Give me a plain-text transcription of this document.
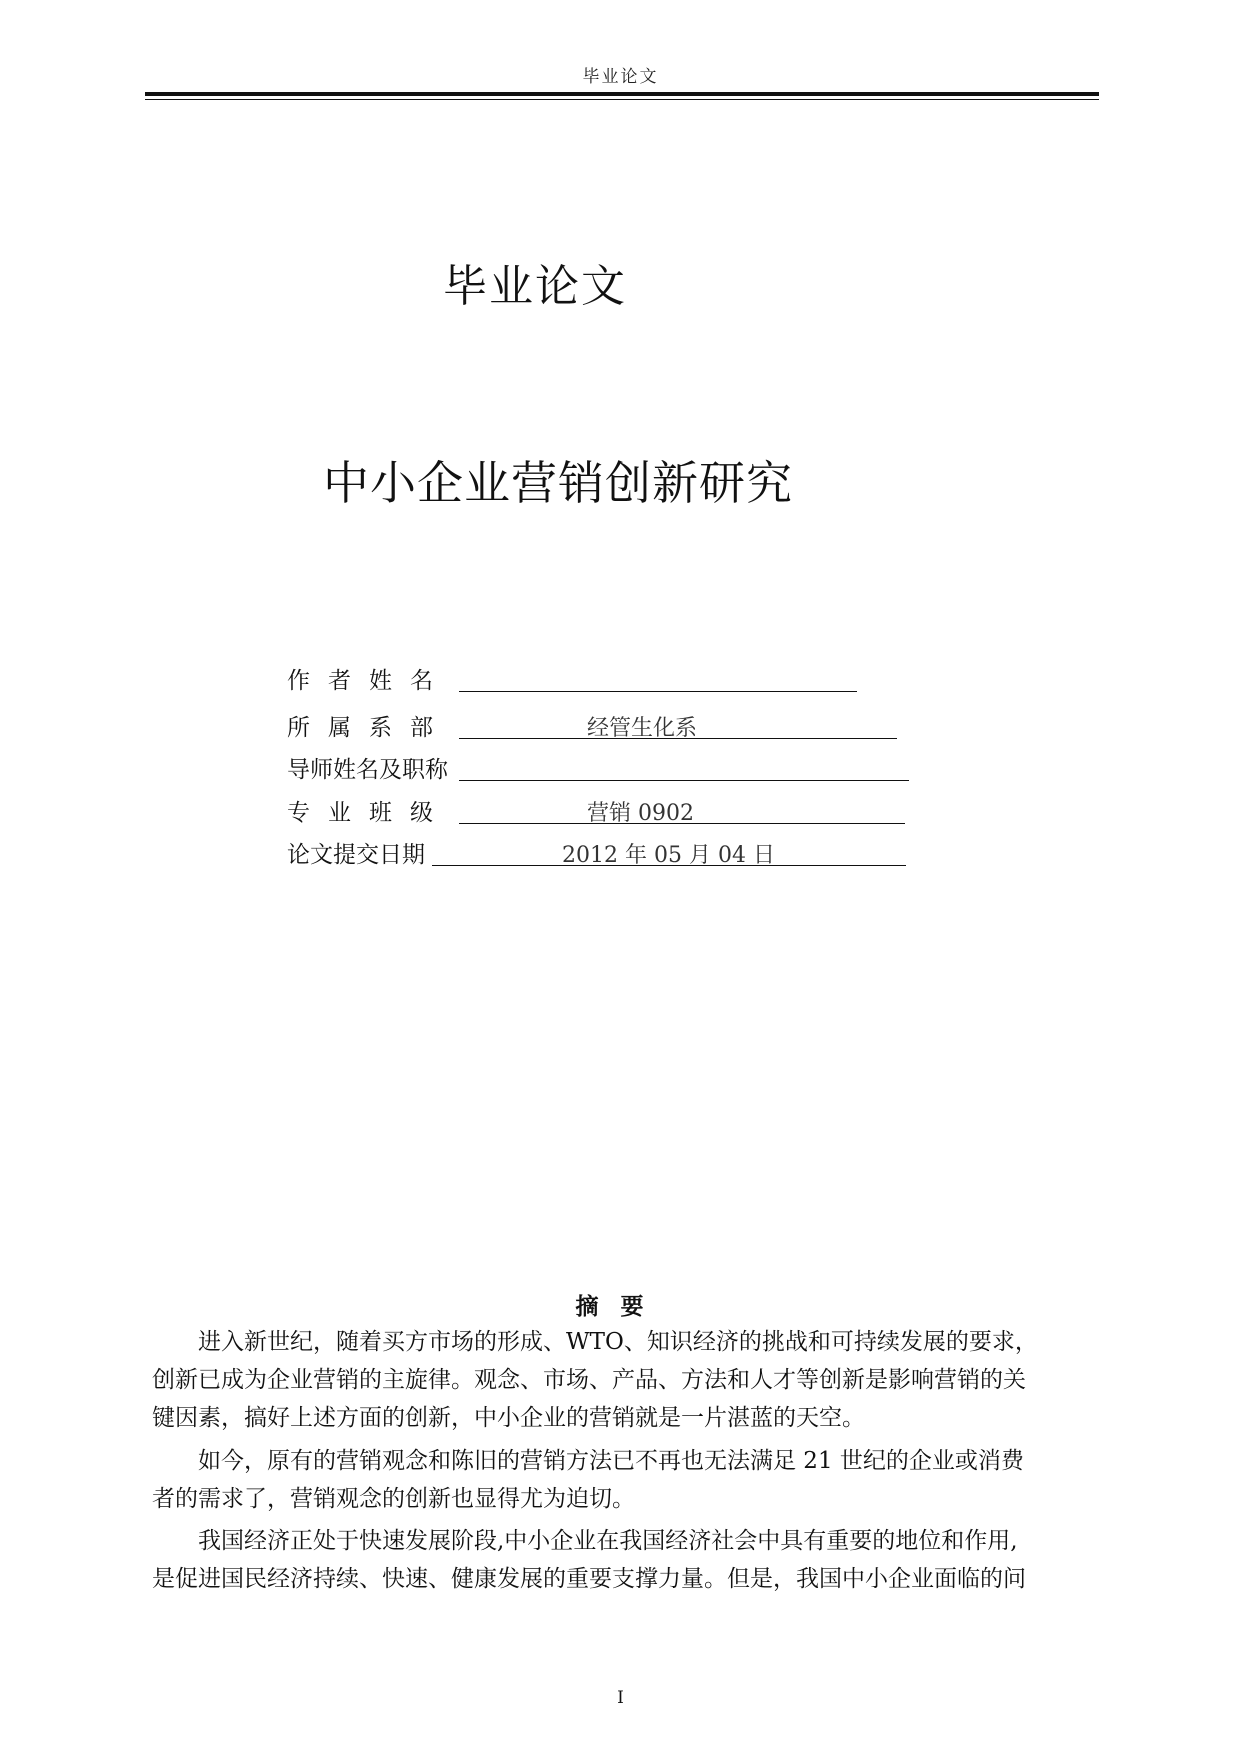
毕业论文
毕业论文
中小企业营销创新研究
作者姓名
所属系部	经管生化系
导师姓名及职称
专业班级	营销 0902
论文提交日期	2012 年 05 月 04 日
摘要
进入新世纪，随着买方市场的形成、WTO、知识经济的挑战和可持续发展的要求，
创新已成为企业营销的主旋律。观念、市场、产品、方法和人才等创新是影响营销的关
键因素，搞好上述方面的创新，中小企业的营销就是一片湛蓝的天空。
如今，原有的营销观念和陈旧的营销方法已不再也无法满足 21 世纪的企业或消费
者的需求了，营销观念的创新也显得尤为迫切。
我国经济正处于快速发展阶段,中小企业在我国经济社会中具有重要的地位和作用,
是促进国民经济持续、快速、健康发展的重要支撑力量。但是，我国中小企业面临的问
I
